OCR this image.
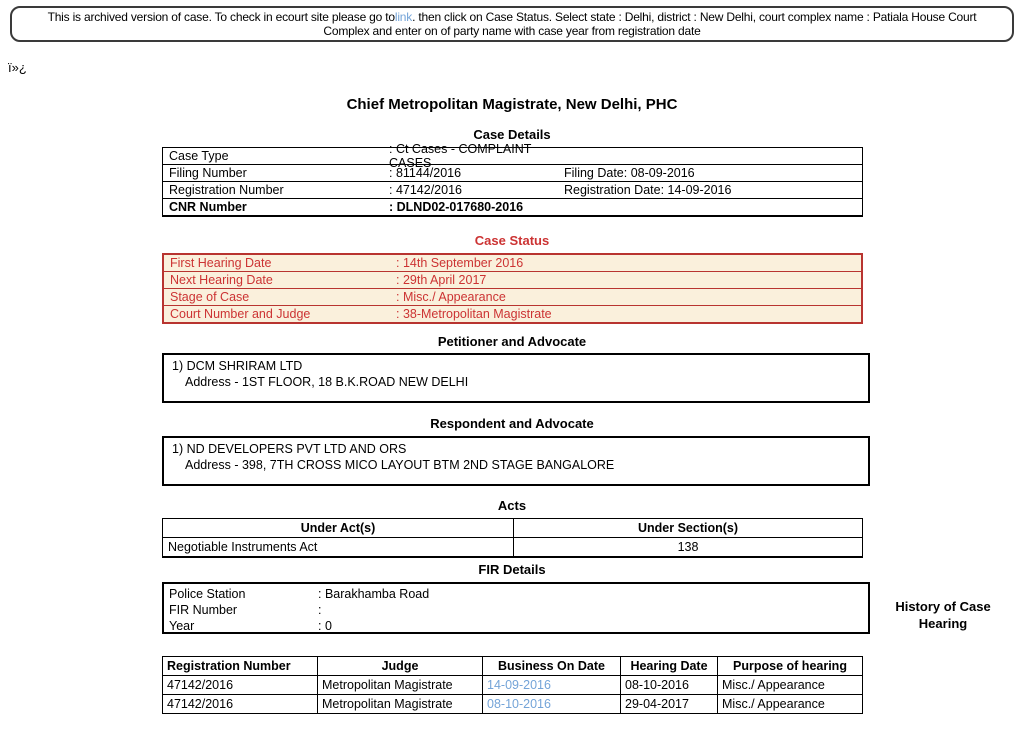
This is archived version of case. To check in ecourt site please go tolink. then click on Case Status. Select state : Delhi, district : New Delhi, court complex name : Patiala House Court Complex and enter on of party name with case year from registration date
ï»¿
Chief Metropolitan Magistrate, New Delhi, PHC
Case Details
Case Type	: Ct Cases - COMPLAINT CASES
Filing Number	: 81144/2016	Filing Date: 08-09-2016
Registration Number	: 47142/2016	Registration Date: 14-09-2016
CNR Number	: DLND02-017680-2016
Case Status
First Hearing Date	: 14th September 2016
Next Hearing Date	: 29th April 2017
Stage of Case	: Misc./ Appearance
Court Number and Judge	: 38-Metropolitan Magistrate
Petitioner and Advocate
1) DCM SHRIRAM LTD
Address - 1ST FLOOR, 18 B.K.ROAD NEW DELHI
Respondent and Advocate
1) ND DEVELOPERS PVT LTD AND ORS
Address - 398, 7TH CROSS MICO LAYOUT BTM 2ND STAGE BANGALORE
Acts
Under Act(s)	Under Section(s)
Negotiable Instruments Act	138
FIR Details
Police Station	: Barakhamba Road
FIR Number	:
Year	: 0
History of Case Hearing
Registration Number	Judge	Business On Date	Hearing Date	Purpose of hearing
47142/2016	Metropolitan Magistrate	14-09-2016	08-10-2016	Misc./ Appearance
47142/2016	Metropolitan Magistrate	08-10-2016	29-04-2017	Misc./ Appearance
